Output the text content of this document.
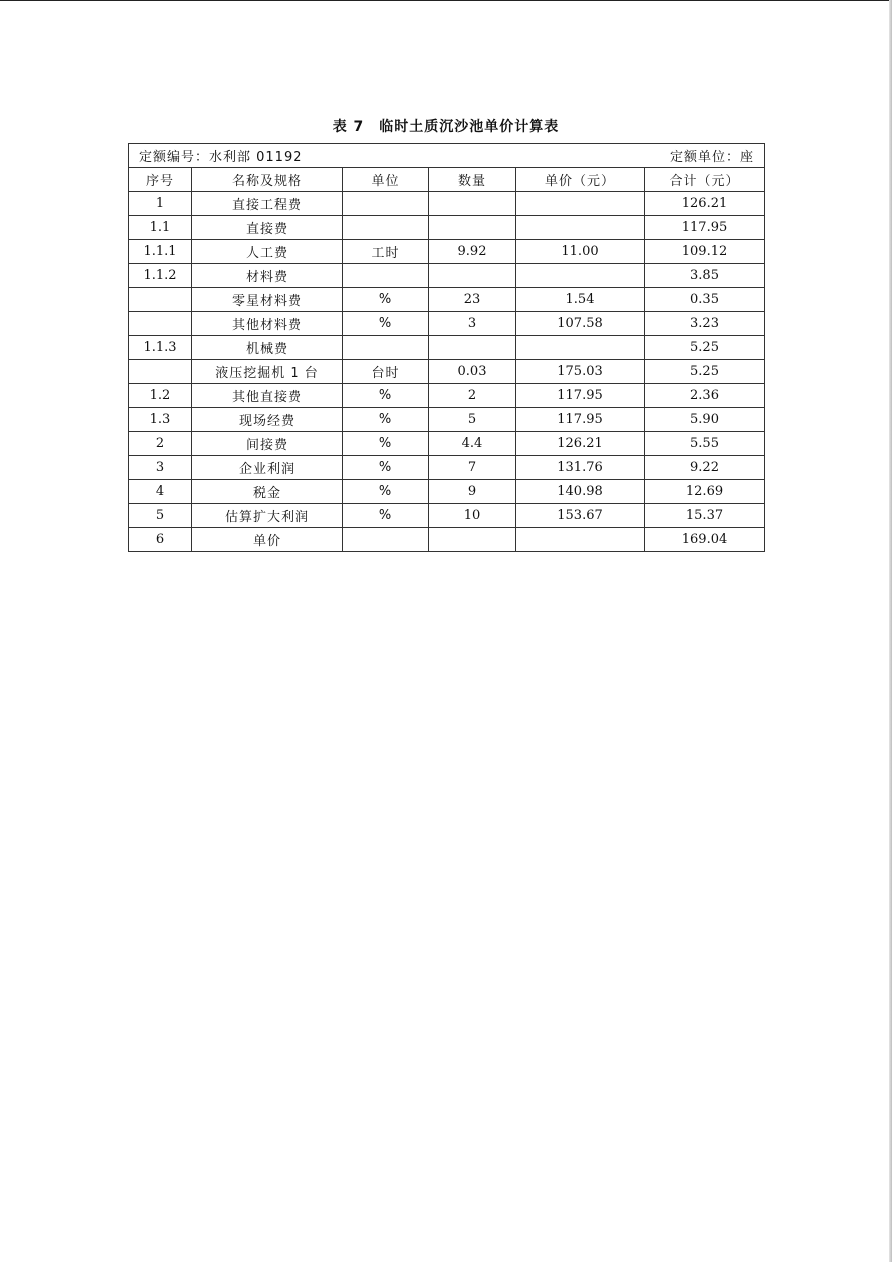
表 7　临时土质沉沙池单价计算表
定额编号：水利部 01192 定额单位：座					

序号	名称及规格	单位	数量	单价（元）	合计（元）
1	直接工程费				126.21
1.1	直接费				117.95
1.1.1	人工费	工时	9.92	11.00	109.12
1.1.2	材料费				3.85
	零星材料费	%	23	1.54	0.35
	其他材料费	%	3	107.58	3.23
1.1.3	机械费				5.25
	液压挖掘机 1 台	台时	0.03	175.03	5.25
1.2	其他直接费	%	2	117.95	2.36
1.3	现场经费	%	5	117.95	5.90
2	间接费	%	4.4	126.21	5.55
3	企业利润	%	7	131.76	9.22
4	税金	%	9	140.98	12.69
5	估算扩大利润	%	10	153.67	15.37
6	单价				169.04
